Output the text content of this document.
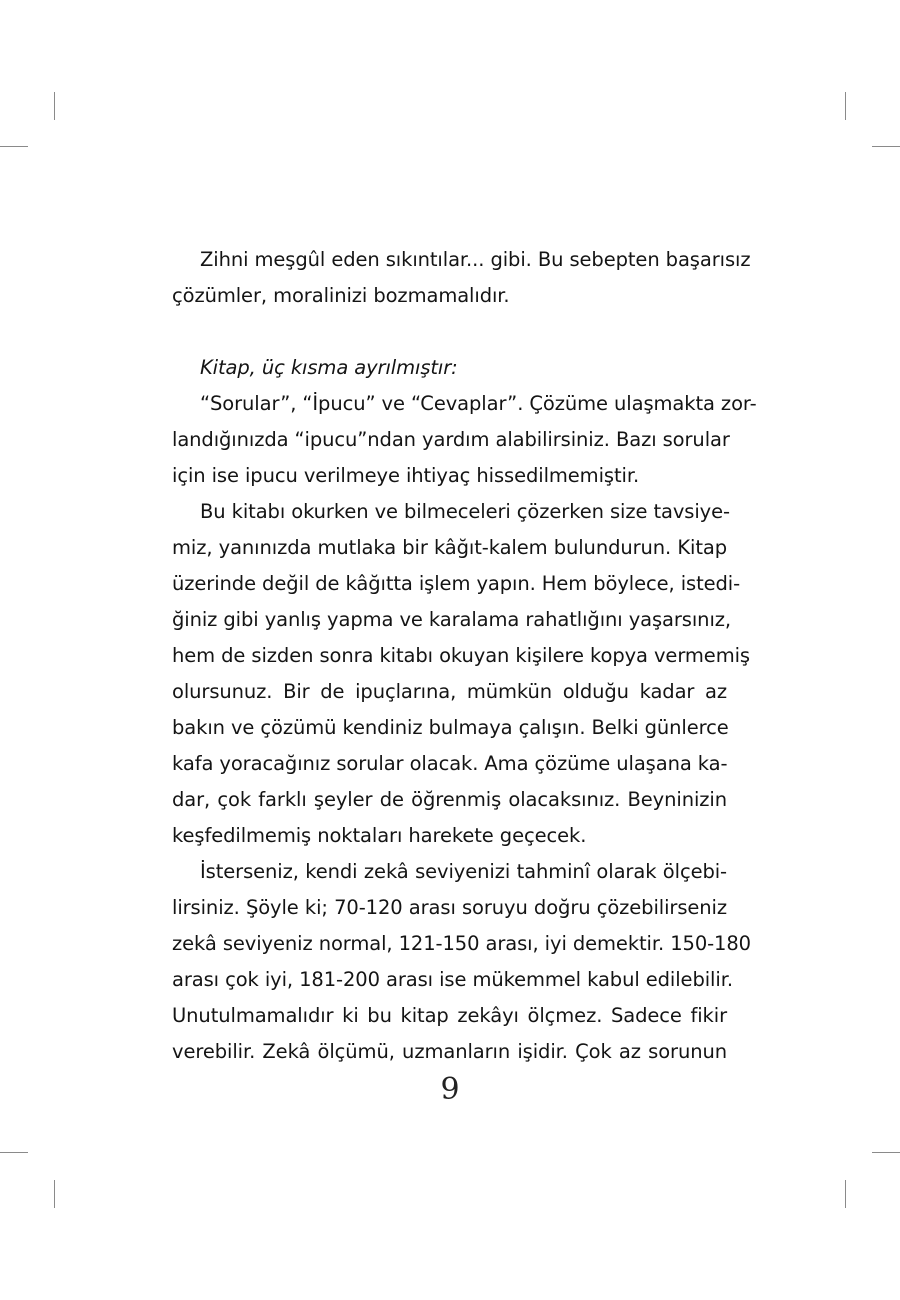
Zihni meşgûl eden sıkıntılar... gibi. Bu sebepten başarısız
çözümler, moralinizi bozmamalıdır.
Kitap, üç kısma ayrılmıştır:
“Sorular”, “İpucu” ve “Cevaplar”. Çözüme ulaşmakta zor-
landığınızda “ipucu”ndan yardım alabilirsiniz. Bazı sorular
için ise ipucu verilmeye ihtiyaç hissedilmemiştir.
Bu kitabı okurken ve bilmeceleri çözerken size tavsiye-
miz, yanınızda mutlaka bir kâğıt-kalem bulundurun. Kitap
üzerinde değil de kâğıtta işlem yapın. Hem böylece, istedi-
ğiniz gibi yanlış yapma ve karalama rahatlığını yaşarsınız,
hem de sizden sonra kitabı okuyan kişilere kopya vermemiş
olursunuz. Bir de ipuçlarına, mümkün olduğu kadar az
bakın ve çözümü kendiniz bulmaya çalışın. Belki günlerce
kafa yoracağınız sorular olacak. Ama çözüme ulaşana ka-
dar, çok farklı şeyler de öğrenmiş olacaksınız. Beyninizin
keşfedilmemiş noktaları harekete geçecek.
İsterseniz, kendi zekâ seviyenizi tahminî olarak ölçebi-
lirsiniz. Şöyle ki; 70-120 arası soruyu doğru çözebilirseniz
zekâ seviyeniz normal, 121-150 arası, iyi demektir. 150-180
arası çok iyi, 181-200 arası ise mükemmel kabul edilebilir.
Unutulmamalıdır ki bu kitap zekâyı ölçmez. Sadece fikir
verebilir. Zekâ ölçümü, uzmanların işidir. Çok az sorunun
9
